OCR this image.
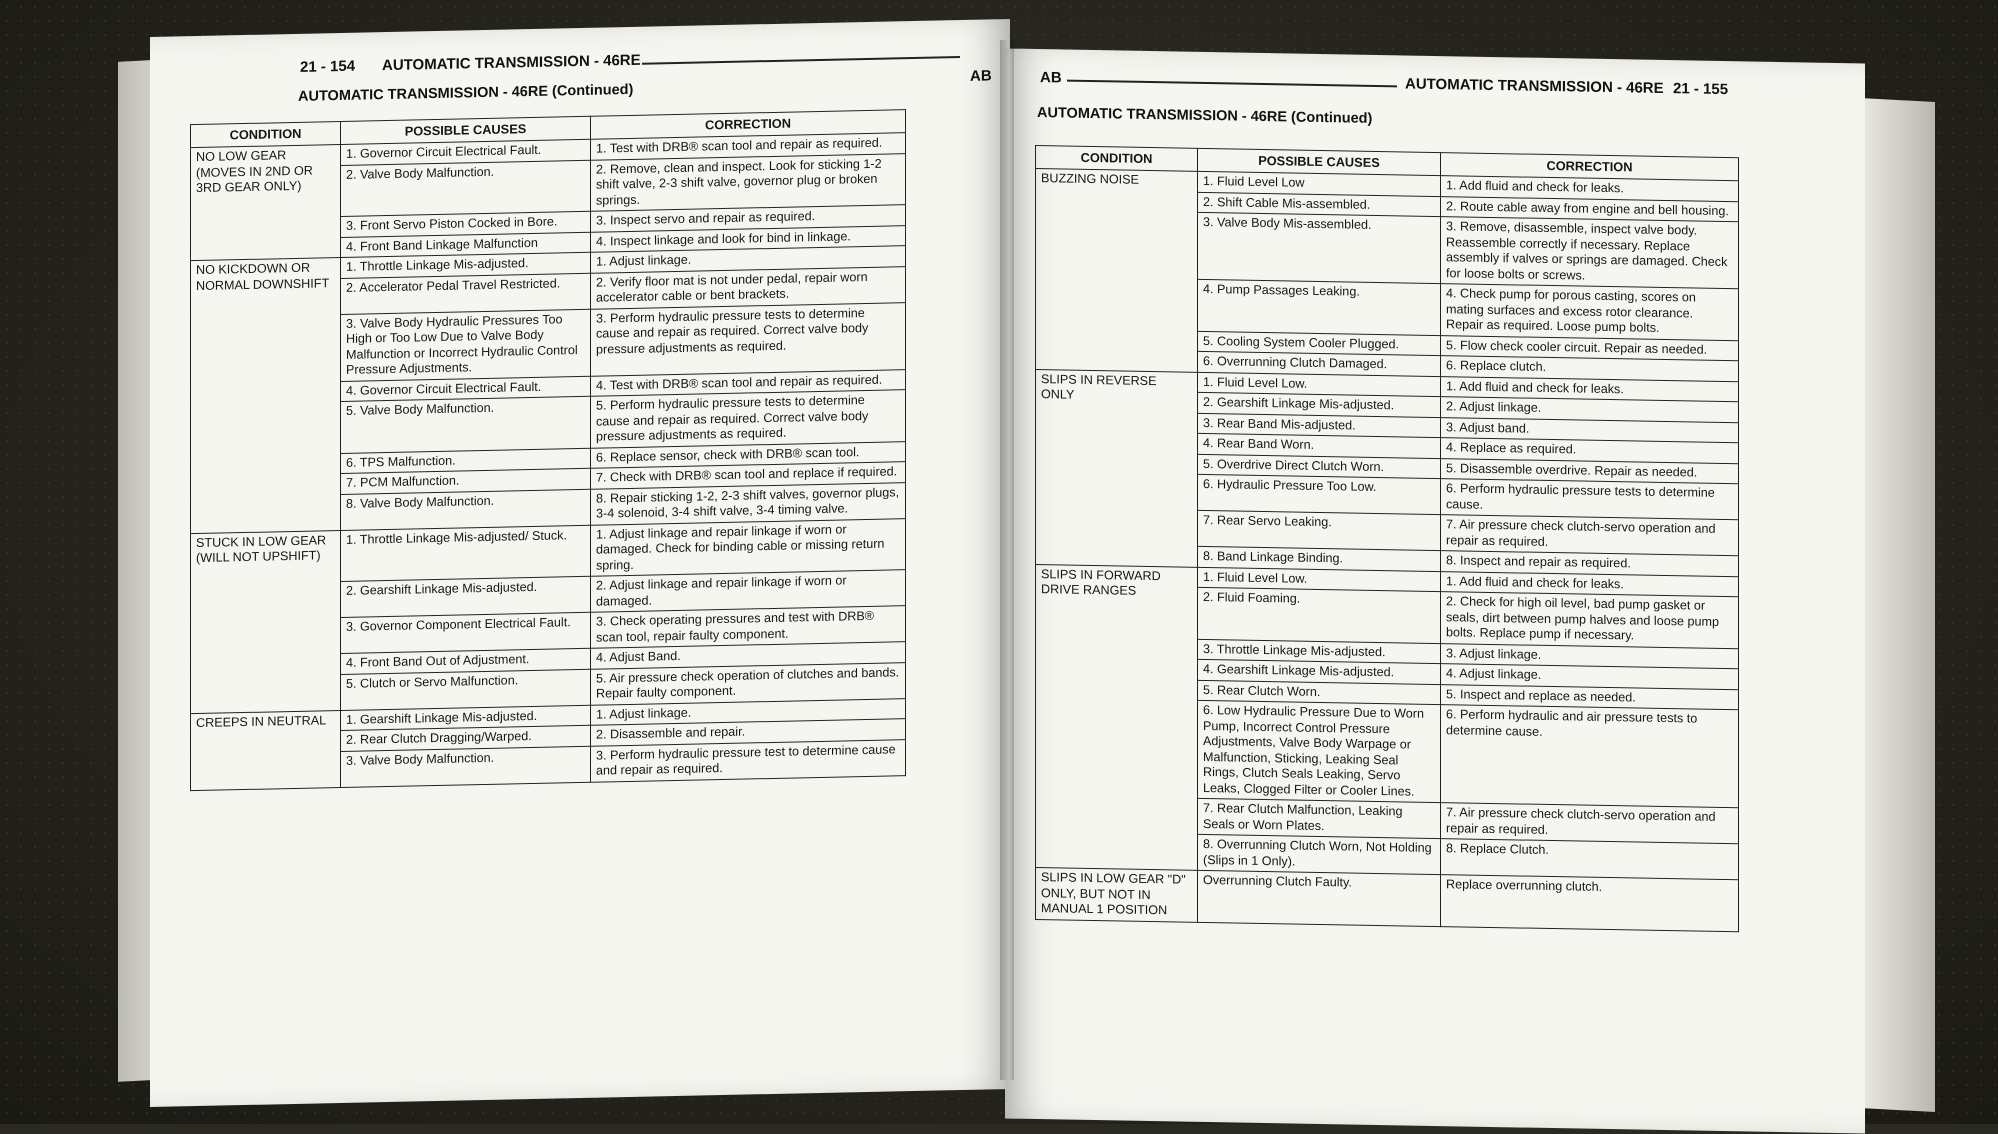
21 - 154 AUTOMATIC TRANSMISSION - 46RE
AB
AUTOMATIC TRANSMISSION - 46RE (Continued)
CONDITION	POSSIBLE CAUSES	CORRECTION
NO LOW GEAR (MOVES IN 2ND OR 3RD GEAR ONLY)	1. Governor Circuit Electrical Fault.	1. Test with DRB® scan tool and repair as required.
	2. Valve Body Malfunction.	2. Remove, clean and inspect. Look for sticking 1-2 shift valve, 2-3 shift valve, governor plug or broken springs.
	3. Front Servo Piston Cocked in Bore.	3. Inspect servo and repair as required.
	4. Front Band Linkage Malfunction	4. Inspect linkage and look for bind in linkage.
NO KICKDOWN OR NORMAL DOWNSHIFT	1. Throttle Linkage Mis-adjusted.	1. Adjust linkage.
	2. Accelerator Pedal Travel Restricted.	2. Verify floor mat is not under pedal, repair worn accelerator cable or bent brackets.
	3. Valve Body Hydraulic Pressures Too High or Too Low Due to Valve Body Malfunction or Incorrect Hydraulic Control Pressure Adjustments.	3. Perform hydraulic pressure tests to determine cause and repair as required. Correct valve body pressure adjustments as required.
	4. Governor Circuit Electrical Fault.	4. Test with DRB® scan tool and repair as required.
	5. Valve Body Malfunction.	5. Perform hydraulic pressure tests to determine cause and repair as required. Correct valve body pressure adjustments as required.
	6. TPS Malfunction.	6. Replace sensor, check with DRB® scan tool.
	7. PCM Malfunction.	7. Check with DRB® scan tool and replace if required.
	8. Valve Body Malfunction.	8. Repair sticking 1-2, 2-3 shift valves, governor plugs, 3-4 solenoid, 3-4 shift valve, 3-4 timing valve.
STUCK IN LOW GEAR (WILL NOT UPSHIFT)	1. Throttle Linkage Mis-adjusted/ Stuck.	1. Adjust linkage and repair linkage if worn or damaged. Check for binding cable or missing return spring.
	2. Gearshift Linkage Mis-adjusted.	2. Adjust linkage and repair linkage if worn or damaged.
	3. Governor Component Electrical Fault.	3. Check operating pressures and test with DRB® scan tool, repair faulty component.
	4. Front Band Out of Adjustment.	4. Adjust Band.
	5. Clutch or Servo Malfunction.	5. Air pressure check operation of clutches and bands. Repair faulty component.
CREEPS IN NEUTRAL	1. Gearshift Linkage Mis-adjusted.	1. Adjust linkage.
	2. Rear Clutch Dragging/Warped.	2. Disassemble and repair.
	3. Valve Body Malfunction.	3. Perform hydraulic pressure test to determine cause and repair as required.
AB	AUTOMATIC TRANSMISSION - 46RE 21 - 155
AUTOMATIC TRANSMISSION - 46RE (Continued)
CONDITION	POSSIBLE CAUSES	CORRECTION
BUZZING NOISE	1. Fluid Level Low	1. Add fluid and check for leaks.
	2. Shift Cable Mis-assembled.	2. Route cable away from engine and bell housing.
	3. Valve Body Mis-assembled.	3. Remove, disassemble, inspect valve body. Reassemble correctly if necessary. Replace assembly if valves or springs are damaged. Check for loose bolts or screws.
	4. Pump Passages Leaking.	4. Check pump for porous casting, scores on mating surfaces and excess rotor clearance. Repair as required. Loose pump bolts.
	5. Cooling System Cooler Plugged.	5. Flow check cooler circuit. Repair as needed.
	6. Overrunning Clutch Damaged.	6. Replace clutch.
SLIPS IN REVERSE ONLY	1. Fluid Level Low.	1. Add fluid and check for leaks.
	2. Gearshift Linkage Mis-adjusted.	2. Adjust linkage.
	3. Rear Band Mis-adjusted.	3. Adjust band.
	4. Rear Band Worn.	4. Replace as required.
	5. Overdrive Direct Clutch Worn.	5. Disassemble overdrive. Repair as needed.
	6. Hydraulic Pressure Too Low.	6. Perform hydraulic pressure tests to determine cause.
	7. Rear Servo Leaking.	7. Air pressure check clutch-servo operation and repair as required.
	8. Band Linkage Binding.	8. Inspect and repair as required.
SLIPS IN FORWARD DRIVE RANGES	1. Fluid Level Low.	1. Add fluid and check for leaks.
	2. Fluid Foaming.	2. Check for high oil level, bad pump gasket or seals, dirt between pump halves and loose pump bolts. Replace pump if necessary.
	3. Throttle Linkage Mis-adjusted.	3. Adjust linkage.
	4. Gearshift Linkage Mis-adjusted.	4. Adjust linkage.
	5. Rear Clutch Worn.	5. Inspect and replace as needed.
	6. Low Hydraulic Pressure Due to Worn Pump, Incorrect Control Pressure Adjustments, Valve Body Warpage or Malfunction, Sticking, Leaking Seal Rings, Clutch Seals Leaking, Servo Leaks, Clogged Filter or Cooler Lines.	6. Perform hydraulic and air pressure tests to determine cause.
	7. Rear Clutch Malfunction, Leaking Seals or Worn Plates.	7. Air pressure check clutch-servo operation and repair as required.
	8. Overrunning Clutch Worn, Not Holding (Slips in 1 Only).	8. Replace Clutch.
SLIPS IN LOW GEAR "D" ONLY, BUT NOT IN MANUAL 1 POSITION	Overrunning Clutch Faulty.	Replace overrunning clutch.
